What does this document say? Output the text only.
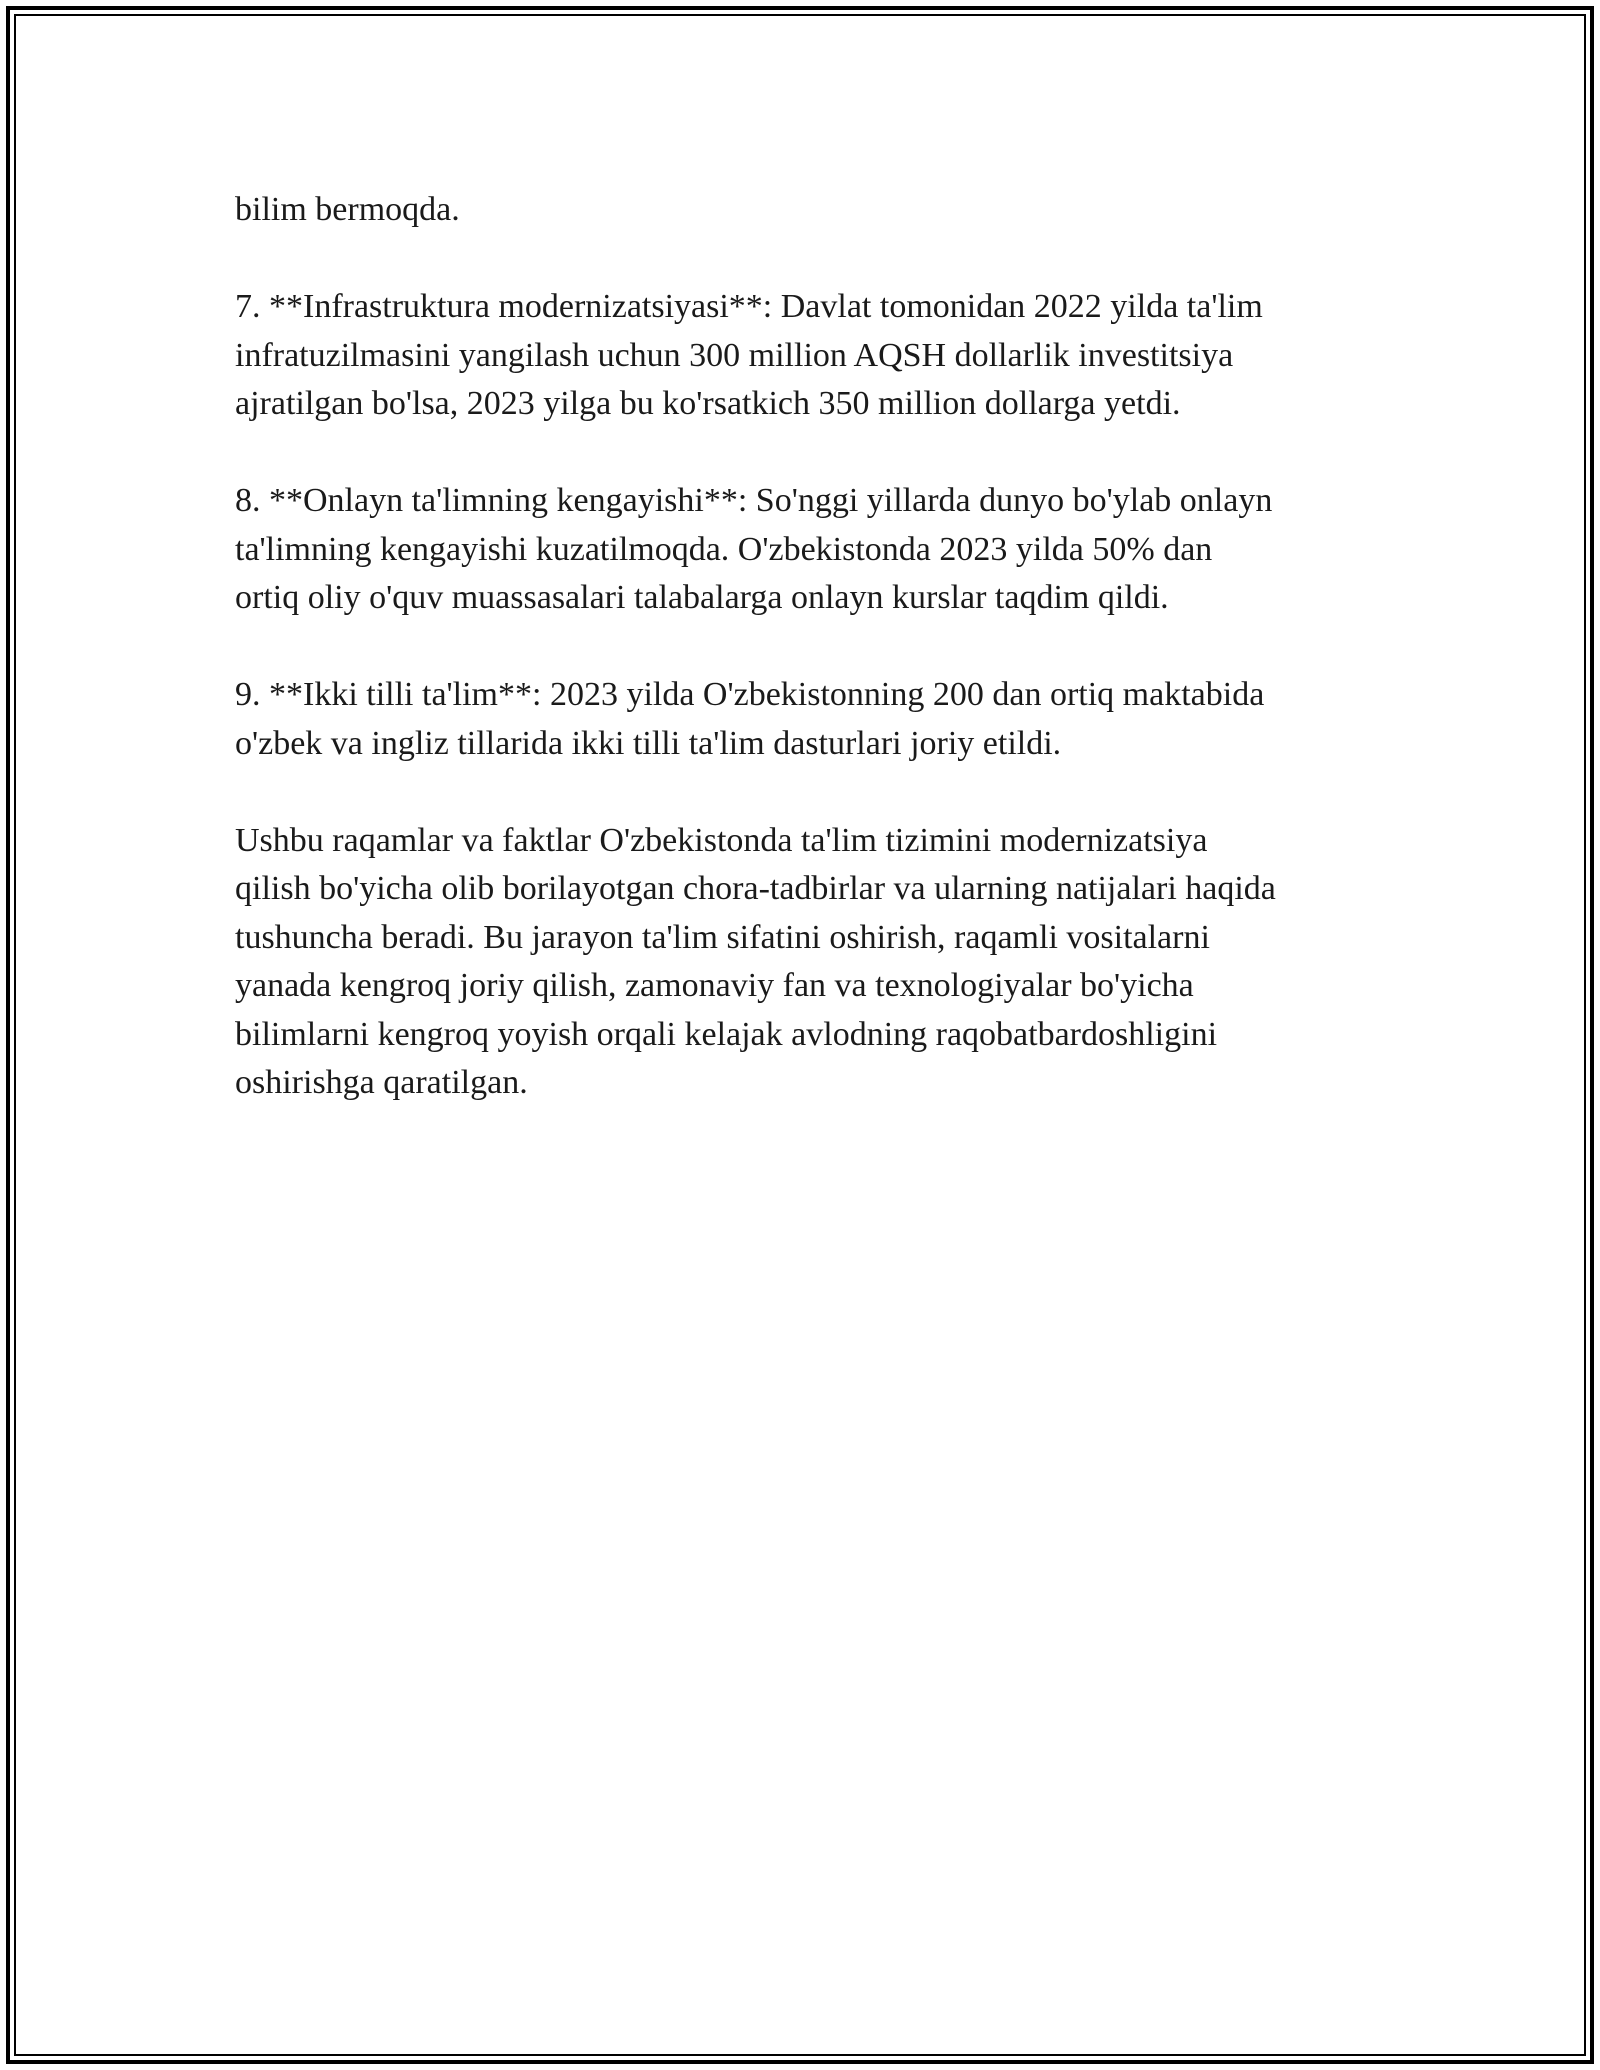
bilim bermoqda.

7. **Infrastruktura modernizatsiyasi**: Davlat tomonidan 2022 yilda ta'lim
infratuzilmasini yangilash uchun 300 million AQSH dollarlik investitsiya
ajratilgan bo'lsa, 2023 yilga bu ko'rsatkich 350 million dollarga yetdi.

8. **Onlayn ta'limning kengayishi**: So'nggi yillarda dunyo bo'ylab onlayn
ta'limning kengayishi kuzatilmoqda. O'zbekistonda 2023 yilda 50% dan
ortiq oliy o'quv muassasalari talabalarga onlayn kurslar taqdim qildi.

9. **Ikki tilli ta'lim**: 2023 yilda O'zbekistonning 200 dan ortiq maktabida
o'zbek va ingliz tillarida ikki tilli ta'lim dasturlari joriy etildi.

Ushbu raqamlar va faktlar O'zbekistonda ta'lim tizimini modernizatsiya
qilish bo'yicha olib borilayotgan chora-tadbirlar va ularning natijalari haqida
tushuncha beradi. Bu jarayon ta'lim sifatini oshirish, raqamli vositalarni
yanada kengroq joriy qilish, zamonaviy fan va texnologiyalar bo'yicha
bilimlarni kengroq yoyish orqali kelajak avlodning raqobatbardoshligini
oshirishga qaratilgan.
